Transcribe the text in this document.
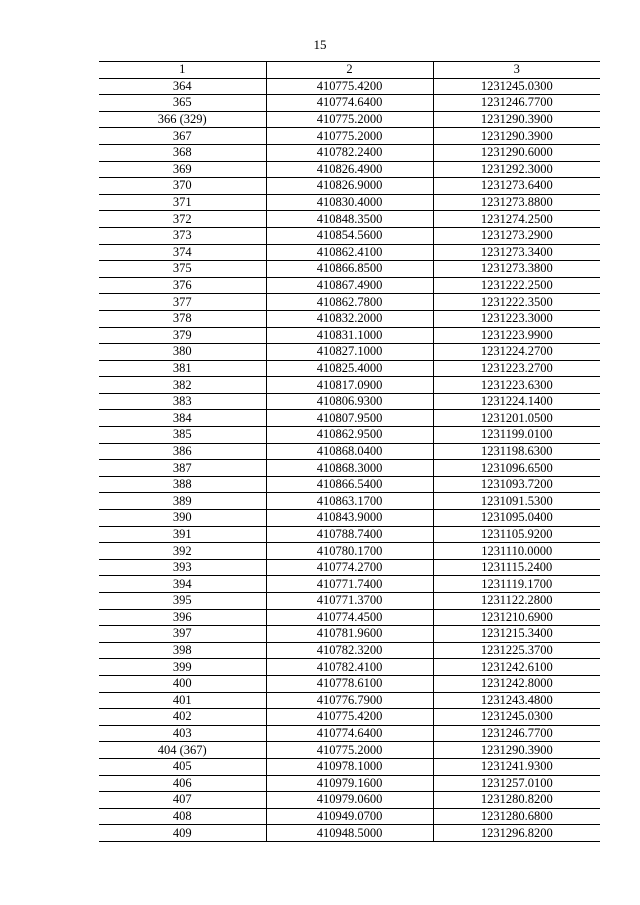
15
1	2	3
364	410775.4200	1231245.0300
365	410774.6400	1231246.7700
366 (329)	410775.2000	1231290.3900
367	410775.2000	1231290.3900
368	410782.2400	1231290.6000
369	410826.4900	1231292.3000
370	410826.9000	1231273.6400
371	410830.4000	1231273.8800
372	410848.3500	1231274.2500
373	410854.5600	1231273.2900
374	410862.4100	1231273.3400
375	410866.8500	1231273.3800
376	410867.4900	1231222.2500
377	410862.7800	1231222.3500
378	410832.2000	1231223.3000
379	410831.1000	1231223.9900
380	410827.1000	1231224.2700
381	410825.4000	1231223.2700
382	410817.0900	1231223.6300
383	410806.9300	1231224.1400
384	410807.9500	1231201.0500
385	410862.9500	1231199.0100
386	410868.0400	1231198.6300
387	410868.3000	1231096.6500
388	410866.5400	1231093.7200
389	410863.1700	1231091.5300
390	410843.9000	1231095.0400
391	410788.7400	1231105.9200
392	410780.1700	1231110.0000
393	410774.2700	1231115.2400
394	410771.7400	1231119.1700
395	410771.3700	1231122.2800
396	410774.4500	1231210.6900
397	410781.9600	1231215.3400
398	410782.3200	1231225.3700
399	410782.4100	1231242.6100
400	410778.6100	1231242.8000
401	410776.7900	1231243.4800
402	410775.4200	1231245.0300
403	410774.6400	1231246.7700
404 (367)	410775.2000	1231290.3900
405	410978.1000	1231241.9300
406	410979.1600	1231257.0100
407	410979.0600	1231280.8200
408	410949.0700	1231280.6800
409	410948.5000	1231296.8200
